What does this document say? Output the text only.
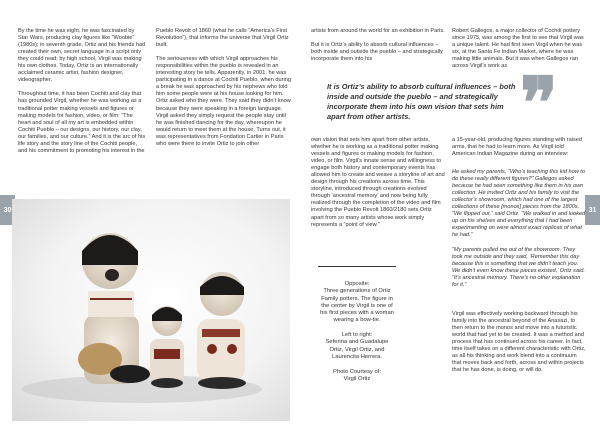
By the time he was eight, he was fascinated by Star Wars, producing clay figures like “Woobie” (1980s); in seventh grade, Ortiz and his friends had created their own, secret language in a script only they could read; by high school, Virgil was making his own clothes. Today, Ortiz is an internationally acclaimed ceramic artist, fashion designer, videographer.

Throughout time, it has been Cochiti and clay that has grounded Virgil, whether he was working as a traditional potter making vessels and figures or making models for fashion, video, or film: “The heart and soul of all my art is embedded within Cochiti Pueblo – our designs, our history, our clay, our families, and our culture.” And it is the arc of his life story and the story line of the Cochiti people, and his commitment to promoting his interest in the
Pueblo Revolt of 1860 (what he calls “America’s First Revolution”), that informs the universe that Virgil Ortiz built.

The seriousness with which Virgil approaches his responsibilities within the pueblo is revealed in an interesting story he tells. Apparently, in 2001, he was participating in a dance at Cochiti Pueblo, when during a break he was approached by his nephews who told him some people were at his house looking for him. Ortiz asked who they were. They said they didn’t know because they were speaking in a foreign language. Virgil asked they simply request the people stay until he was finished dancing for the day, whereupon he would return to meet them at the house. Turns out, it was representatives from Fondation Cartier in Paris who were there to invite Ortiz to join other
30	31
artists from around the world for an exhibition in Paris.

But it is Ortiz’s ability to absorb cultural influences – both inside and outside the pueblo – and strategically incorporate them into his
Robert Gallegos, a major collector of Cochiti pottery since 1975, was among the first to see that Virgil was a unique talent. He had first seen Virgil when he was six, at the Santa Fe Indian Market, where he was making little animals. But it was when Gallegos ran across Virgil’s work as
It is Ortiz’s ability to absorb cultural influences – both inside and outside the pueblo – and strategically incorporate them into his own vision that sets him apart from other artists.	❞
own vision that sets him apart from other artists, whether he is working as a traditional potter making vessels and figures or making models for fashion, video, or film. Virgil’s innate sense and willingness to engage both history and contemporary events has allowed him to create and weave a storyline of art and design through his creations across time. This storyline, introduced through creations evolved through ‘ancestral memory’ and now being fully realized through the completion of the video and film involving the Pueblo Revolt 1860/2180 sets Ortiz apart from so many artists whose work simply represents a “point of view.”
a 15-year-old, producing figures standing with raised arms, that he had to learn more. As Virgil told American Indian Magazine during an interview:
He asked my parents, “Who’s teaching this kid how to do these really different figures?” Gallegos asked because he had seen something like them in his own collection. He invited Ortiz and his family to visit the collector’s showroom, which had one of the largest collections of these [monos] pieces from the 1800s. “We flipped out,” said Ortiz. “We walked in and looked up on his shelves and everything that I had been experimenting on were almost exact replicas of what he had.”

“My parents pulled me out of the showroom. They took me outside and they said, ‘Remember this day because this is something that we didn’t teach you. We didn’t even know these pieces existed,’ Ortiz said. “It’s ancestral memory. There’s no other explanation for it.”
Virgil was effectively working backward through his family into the ancestral beyond of the Anasazi, to then return to the monos and move into a futuristic world that had yet to be created. It was a method and process that has continued across his career. In fact, time itself takes on a different characteristic with Ortiz, as all his thinking and work blend into a continuum that moves back and forth, across and within projects that he has done, is doing, or will do.
Opposite:
Three generations of Ortiz Family potters. The figure in the center by Virgil is one of his first pieces with a woman wearing a bow-tie.

Left to right:
Seferina and Guadalupe Ortiz, Virgil Ortiz, and Laurencita Herrera.

Photo Courtesy of:
Virgil Ortiz
